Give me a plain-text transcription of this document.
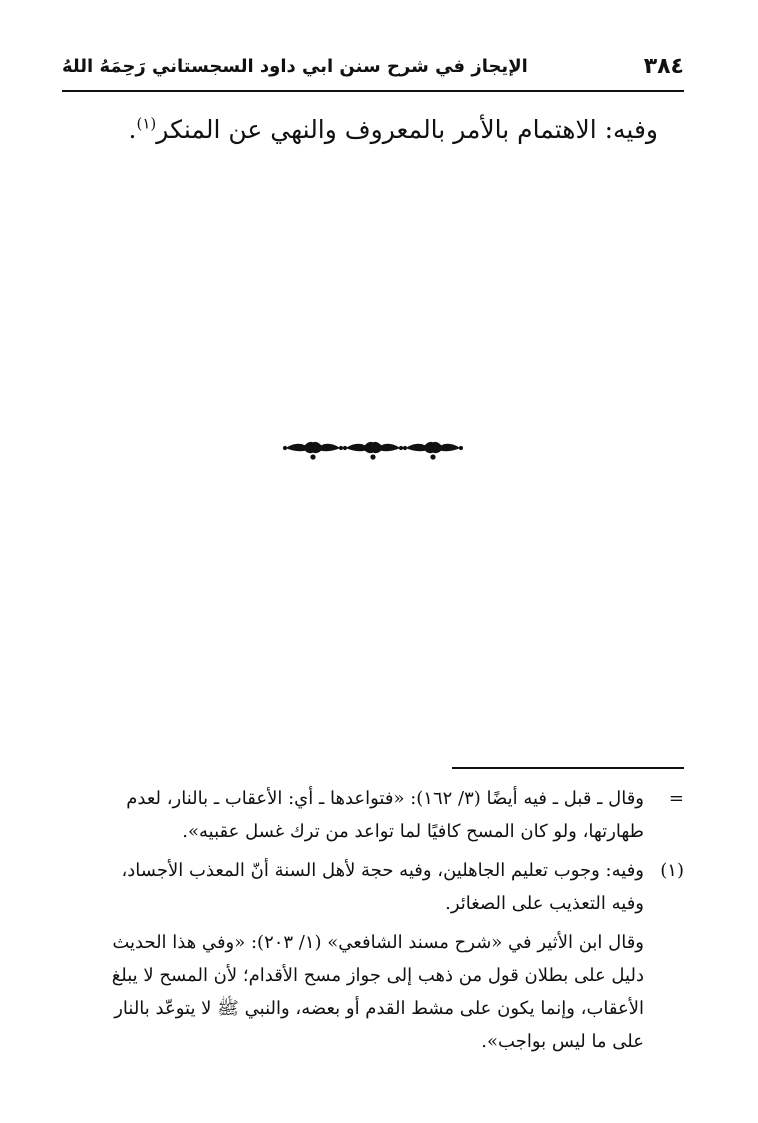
٣٨٤
الإيجاز في شرح سنن ابي داود السجستاني رَحِمَهُ اللهُ
وفيه: الاهتمام بالأمر بالمعروف والنهي عن المنكر$^{(١)}$.
=
وقال ـ قبل ـ فيه أيضًا (٣/ ١٦٢): «فتواعدها ـ أي: الأعقاب ـ بالنار، لعدم
طهارتها، ولو كان المسح كافيًا لما تواعد من ترك غسل عقبيه».
(١)
وفيه: وجوب تعليم الجاهلين، وفيه حجة لأهل السنة أنّ المعذب الأجساد،
وفيه التعذيب على الصغائر.
وقال ابن الأثير في «شرح مسند الشافعي» (١/ ٢٠٣): «وفي هذا الحديث
دليل على بطلان قول من ذهب إلى جواز مسح الأقدام؛ لأن المسح لا يبلغ
الأعقاب، وإنما يكون على مشط القدم أو بعضه، والنبي ﷺ لا يتوعّد بالنار
على ما ليس بواجب».
